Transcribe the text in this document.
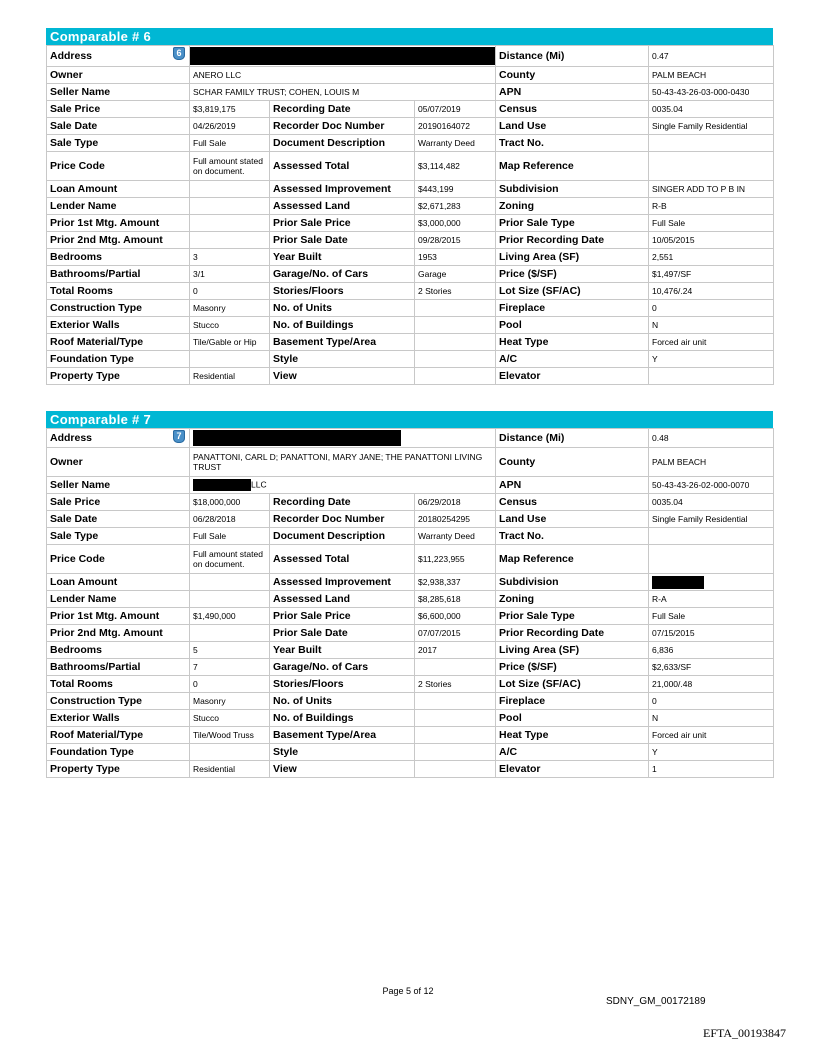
Comparable # 6
Address 6				Distance (Mi)	0.47
Owner	ANERO LLC			County	PALM BEACH
Seller Name	SCHAR FAMILY TRUST; COHEN, LOUIS M			APN	50-43-43-26-03-000-0430
Sale Price	$3,819,175	Recording Date	05/07/2019	Census	0035.04
Sale Date	04/26/2019	Recorder Doc Number	20190164072	Land Use	Single Family Residential
Sale Type	Full Sale	Document Description	Warranty Deed	Tract No.	
Price Code	Full amount stated on document.	Assessed Total	$3,114,482	Map Reference	
Loan Amount		Assessed Improvement	$443,199	Subdivision	SINGER ADD TO P B IN
Lender Name		Assessed Land	$2,671,283	Zoning	R-B
Prior 1st Mtg. Amount		Prior Sale Price	$3,000,000	Prior Sale Type	Full Sale
Prior 2nd Mtg. Amount		Prior Sale Date	09/28/2015	Prior Recording Date	10/05/2015
Bedrooms	3	Year Built	1953	Living Area (SF)	2,551
Bathrooms/Partial	3/1	Garage/No. of Cars	Garage	Price ($/SF)	$1,497/SF
Total Rooms	0	Stories/Floors	2 Stories	Lot Size (SF/AC)	10,476/.24
Construction Type	Masonry	No. of Units		Fireplace	0
Exterior Walls	Stucco	No. of Buildings		Pool	N
Roof Material/Type	Tile/Gable or Hip	Basement Type/Area		Heat Type	Forced air unit
Foundation Type		Style		A/C	Y
Property Type	Residential	View		Elevator	
Comparable # 7
Address 7				Distance (Mi)	0.48
Owner	PANATTONI, CARL D; PANATTONI, MARY JANE; THE PANATTONI LIVING TRUST			County	PALM BEACH
Seller Name	LLC			APN	50-43-43-26-02-000-0070
Sale Price	$18,000,000	Recording Date	06/29/2018	Census	0035.04
Sale Date	06/28/2018	Recorder Doc Number	20180254295	Land Use	Single Family Residential
Sale Type	Full Sale	Document Description	Warranty Deed	Tract No.	
Price Code	Full amount stated on document.	Assessed Total	$11,223,955	Map Reference	
Loan Amount		Assessed Improvement	$2,938,337	Subdivision	
Lender Name		Assessed Land	$8,285,618	Zoning	R-A
Prior 1st Mtg. Amount	$1,490,000	Prior Sale Price	$6,600,000	Prior Sale Type	Full Sale
Prior 2nd Mtg. Amount		Prior Sale Date	07/07/2015	Prior Recording Date	07/15/2015
Bedrooms	5	Year Built	2017	Living Area (SF)	6,836
Bathrooms/Partial	7	Garage/No. of Cars		Price ($/SF)	$2,633/SF
Total Rooms	0	Stories/Floors	2 Stories	Lot Size (SF/AC)	21,000/.48
Construction Type	Masonry	No. of Units		Fireplace	0
Exterior Walls	Stucco	No. of Buildings		Pool	N
Roof Material/Type	Tile/Wood Truss	Basement Type/Area		Heat Type	Forced air unit
Foundation Type		Style		A/C	Y
Property Type	Residential	View		Elevator	1
Page 5 of 12
SDNY_GM_00172189
EFTA_00193847
